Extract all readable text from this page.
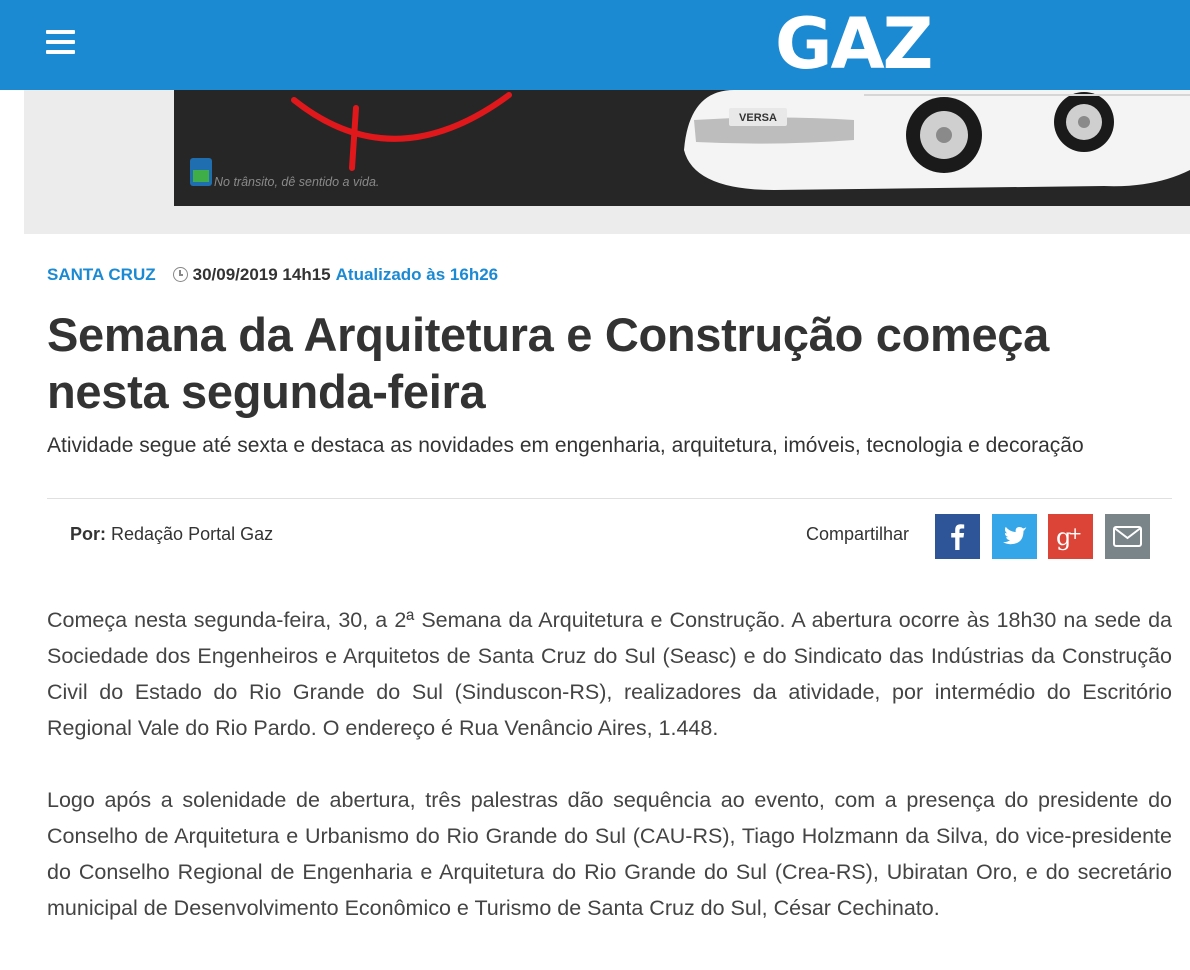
GAZ
VERSA
No trânsito, dê sentido a vida.
SANTA CRUZ 30/09/2019 14h15 Atualizado às 16h26
Semana da Arquitetura e Construção começa nesta segunda-feira
Atividade segue até sexta e destaca as novidades em engenharia, arquitetura, imóveis, tecnologia e decoração
Por: Redação Portal Gaz	Compartilhar	g
+

Começa nesta segunda-feira, 30, a 2ª Semana da Arquitetura e Construção. A abertura ocorre às 18h30 na sede da Sociedade dos Engenheiros e Arquitetos de Santa Cruz do Sul (Seasc) e do Sindicato das Indústrias da Construção Civil do Estado do Rio Grande do Sul (Sinduscon-RS), realizadores da atividade, por intermédio do Escritório Regional Vale do Rio Pardo. O endereço é Rua Venâncio Aires, 1.448.

Logo após a solenidade de abertura, três palestras dão sequência ao evento, com a presença do presidente do Conselho de Arquitetura e Urbanismo do Rio Grande do Sul (CAU-RS), Tiago Holzmann da Silva, do vice-presidente do Conselho Regional de Engenharia e Arquitetura do Rio Grande do Sul (Crea-RS), Ubiratan Oro, e do secretário municipal de Desenvolvimento Econômico e Turismo de Santa Cruz do Sul, César Cechinato.
